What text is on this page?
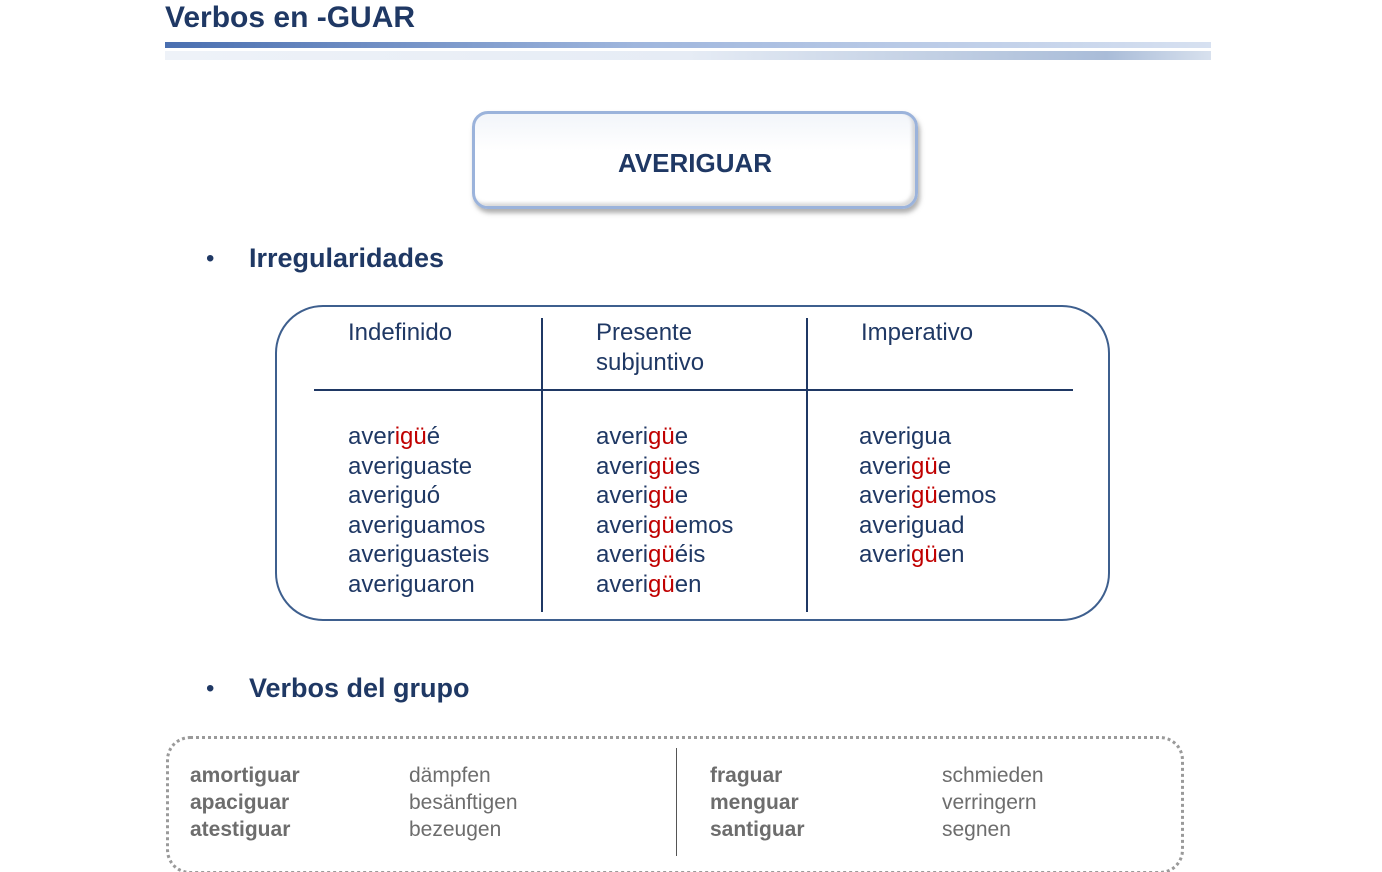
Verbos en -GUAR
AVERIGUAR
• Irregularidades
Indefinido	Presente
subjuntivo
Imperativo
averigüé
averiguaste
averiguó
averiguamos
averiguasteis
averiguaron
averigüe
averigües
averigüe
averigüemos
averigüéis
averigüen
averigua
averigüe
averigüemos
averiguad
averigüen
• Verbos del grupo
amortiguar
apaciguar
atestiguar
dämpfen
besänftigen
bezeugen
fraguar
menguar
santiguar
schmieden
verringern
segnen
